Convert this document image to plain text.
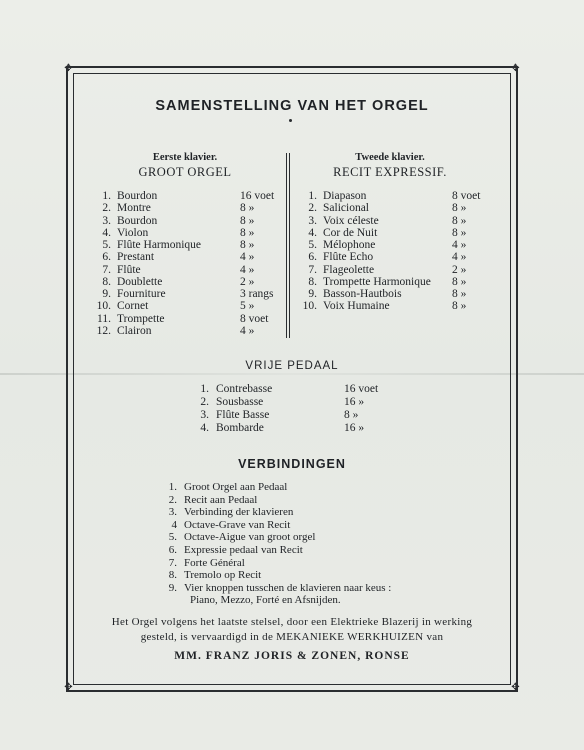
✥	✥
✥	✥
SAMENSTELLING VAN HET ORGEL
Eerste klavier.
GROOT ORGEL
Tweede klavier.
RECIT EXPRESSIF.
1. Bourdon	16 voet
2. Montre	8 »
3. Bourdon	8 »
4. Violon	8 »
5. Flûte Harmonique	8 »
6. Prestant	4 »
7. Flûte	4 »
8. Doublette	2 »
9. Fourniture	3 rangs
10. Cornet	5 »
11. Trompette	8 voet
12. Clairon	4 »
1. Diapason	8 voet
2. Salicional	8 »
3. Voix céleste	8 »
4. Cor de Nuit	8 »
5. Mélophone	4 »
6. Flûte Echo	4 »
7. Flageolette	2 »
8. Trompette Harmonique 8 »
9. Basson-Hautbois	8 »
10. Voix Humaine	8 »
VRIJE PEDAAL
1. Contrebasse	16 voet
2. Sousbasse	16 »
3. Flûte Basse	8 »
4. Bombarde	16 »
VERBINDINGEN
1. Groot Orgel aan Pedaal
2. Recit aan Pedaal
3. Verbinding der klavieren
4 Octave-Grave van Recit
5. Octave-Aigue van groot orgel
6. Expressie pedaal van Recit
7. Forte Général
8. Tremolo op Recit
9. Vier knoppen tusschen de klavieren naar keus :
Piano, Mezzo, Forté en Afsnijden.
Het Orgel volgens het laatste stelsel, door een Elektrieke Blazerij in werking
gesteld, is vervaardigd in de MEKANIEKE WERKHUIZEN van
MM. FRANZ JORIS & ZONEN, RONSE
